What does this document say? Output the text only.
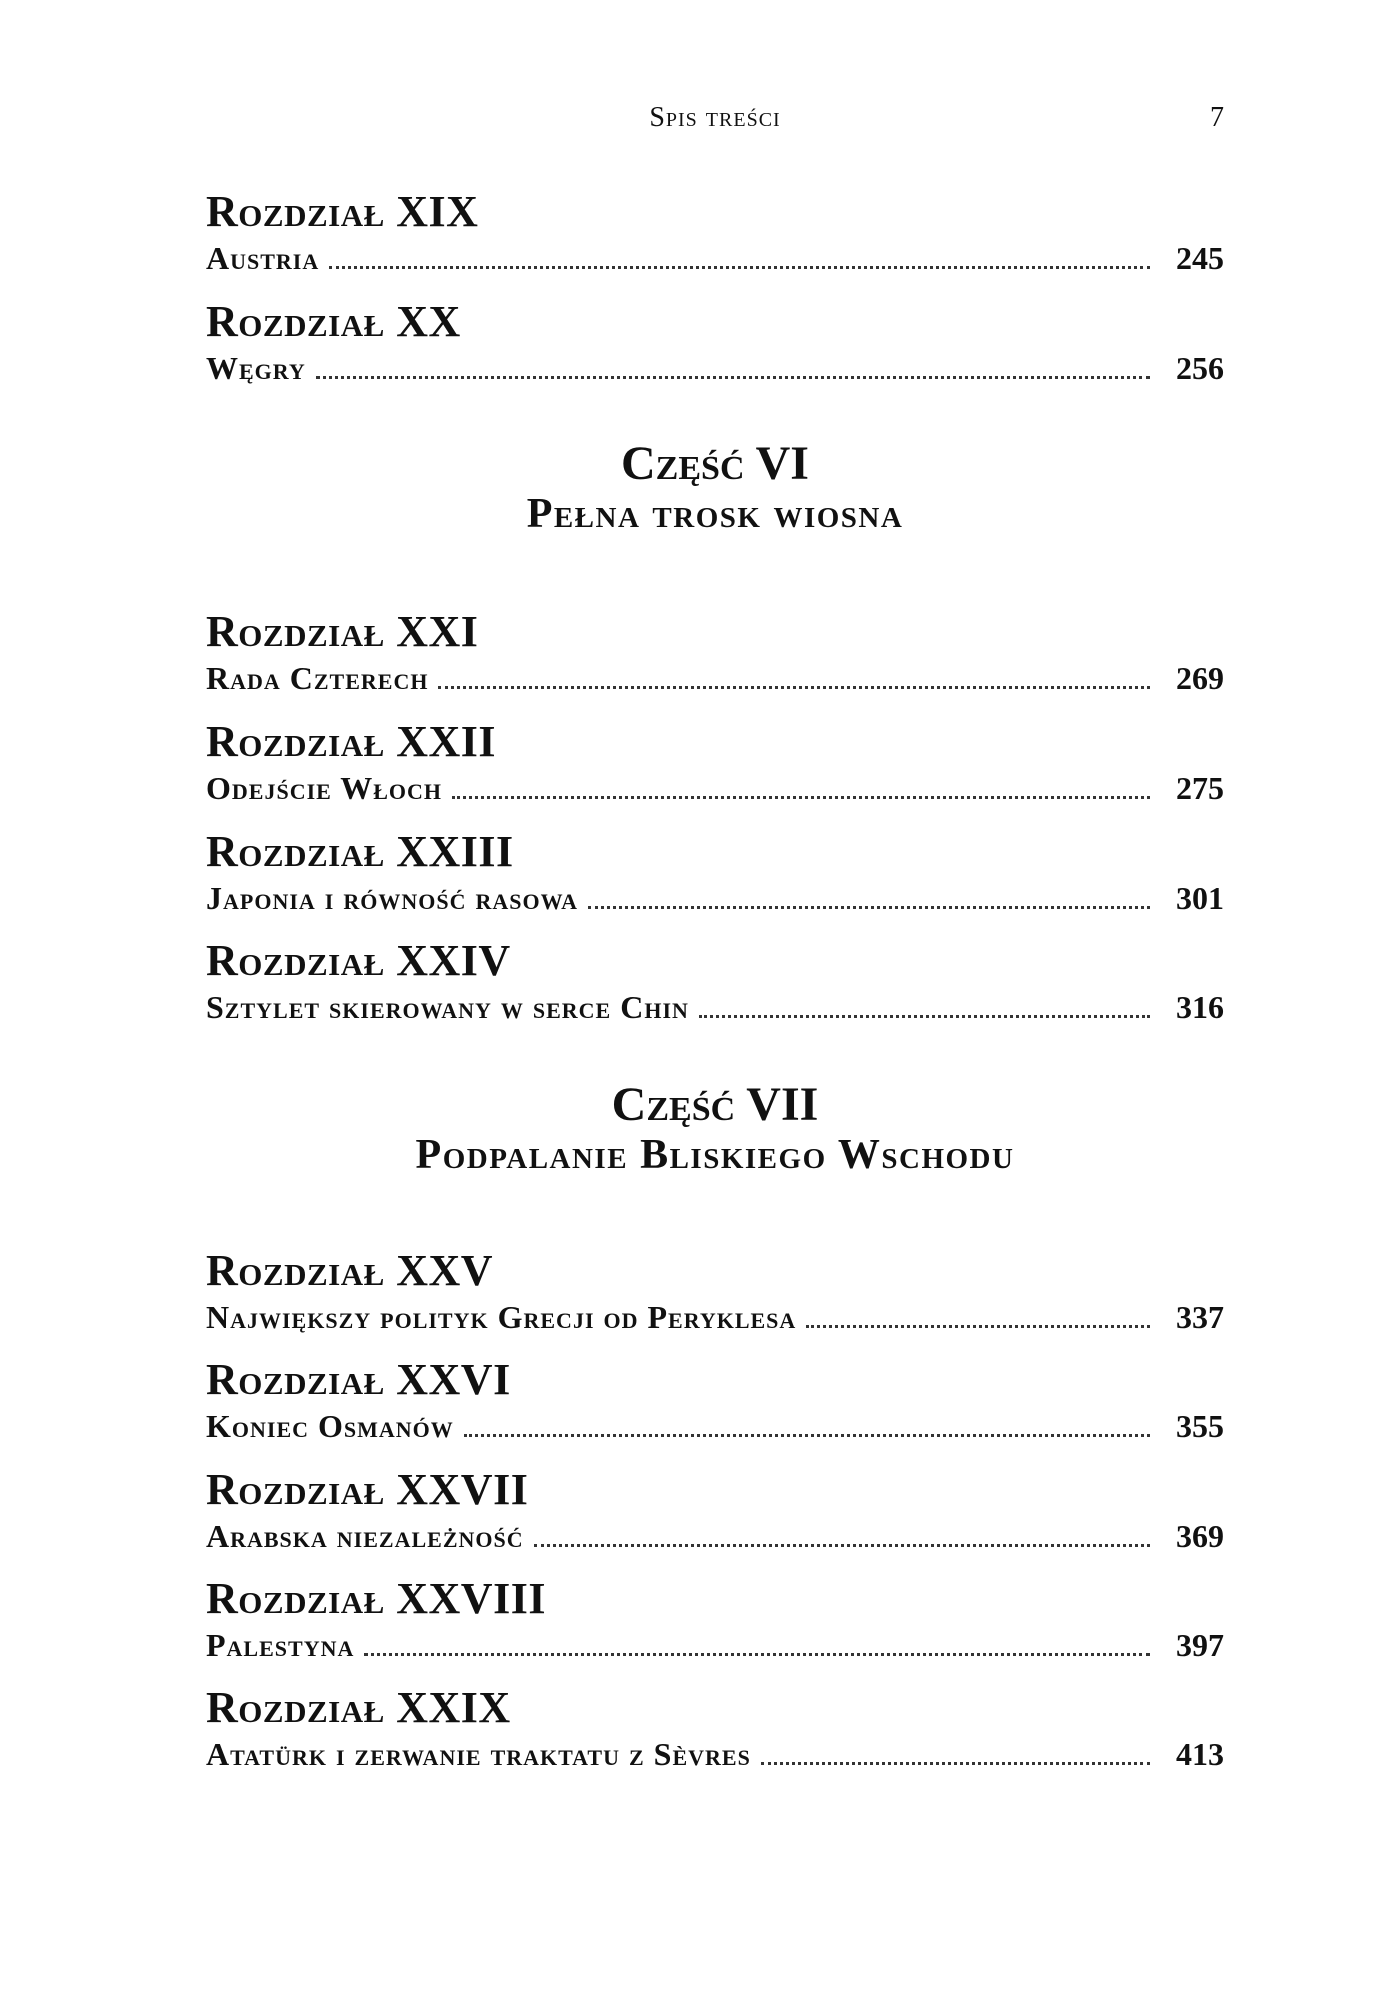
Spis treści	7
Rozdział XIX
Austria	245
Rozdział XX
Węgry	256
Część VI
Pełna trosk wiosna
Rozdział XXI
Rada Czterech	269
Rozdział XXII
Odejście Włoch	275
Rozdział XXIII
Japonia i równość rasowa	301
Rozdział XXIV
Sztylet skierowany w serce Chin	316
Część VII
Podpalanie Bliskiego Wschodu
Rozdział XXV
Największy polityk Grecji od Peryklesa	337
Rozdział XXVI
Koniec Osmanów	355
Rozdział XXVII
Arabska niezależność	369
Rozdział XXVIII
Palestyna	397
Rozdział XXIX
Atatürk i zerwanie traktatu z Sèvres	413
